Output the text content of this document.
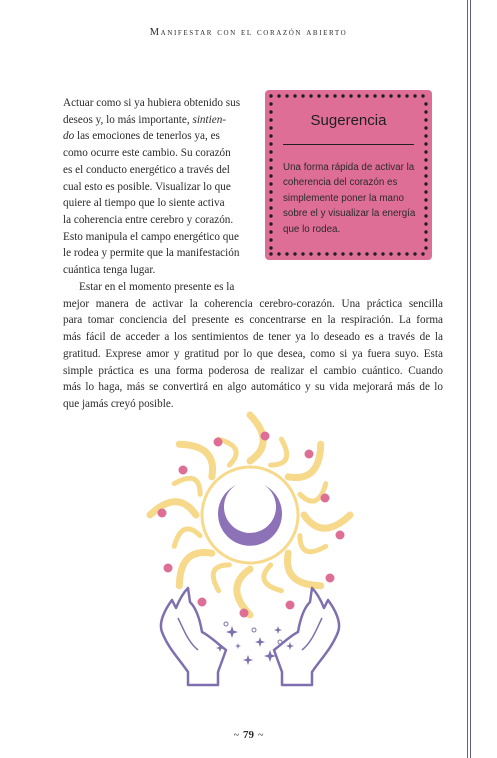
Manifestar con el corazón abierto
Sugerencia
Una forma rápida de activar la coherencia del corazón es simplemente poner la mano sobre el y visualizar la energía que lo rodea.
Actuar como si ya hubiera obtenido sus
deseos y, lo más importante, sintien-
do las emociones de tenerlos ya, es
como ocurre este cambio. Su corazón
es el conducto energético a través del
cual esto es posible. Visualizar lo que
quiere al tiempo que lo siente activa
la coherencia entre cerebro y corazón.
Esto manipula el campo energético que
le rodea y permite que la manifestación
cuántica tenga lugar.
Estar en el momento presente es la
mejor manera de activar la coherencia cerebro-corazón. Una práctica sencilla
para tomar conciencia del presente es concentrarse en la respiración. La forma
más fácil de acceder a los sentimientos de tener ya lo deseado es a través de la
gratitud. Exprese amor y gratitud por lo que desea, como si ya fuera suyo. Esta
simple práctica es una forma poderosa de realizar el cambio cuántico. Cuando
más lo haga, más se convertirá en algo automático y su vida mejorará más de lo
que jamás creyó posible.
~ 79 ~
